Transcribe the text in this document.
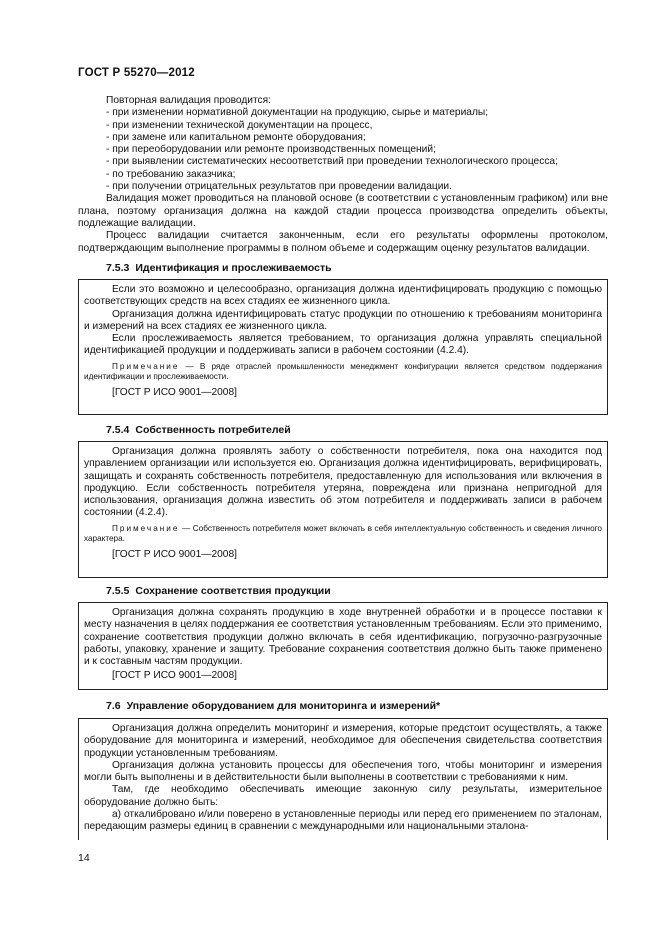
ГОСТ Р 55270—2012

Повторная валидация проводится:

- при изменении нормативной документации на продукцию, сырье и материалы;

- при изменении технической документации на процесс,

- при замене или капитальном ремонте оборудования;

- при переоборудовании или ремонте производственных помещений;

- при выявлении систематических несоответствий при проведении технологического процесса;

- по требованию заказчика;

- при получении отрицательных результатов при проведении валидации.

Валидация может проводиться на плановой основе (в соответствии с установленным графиком) или вне плана, поэтому организация должна на каждой стадии процесса производства определить объекты, подлежащие валидации.

Процесс валидации считается законченным, если его результаты оформлены протоколом, подтверждающим выполнение программы в полном объеме и содержащим оценку результатов валидации.

7.5.3 Идентификация и прослеживаемость

Если это возможно и целесообразно, организация должна идентифицировать продукцию с помощью соответствующих средств на всех стадиях ее жизненного цикла.

Организация должна идентифицировать статус продукции по отношению к требованиям мониторинга и измерений на всех стадиях ее жизненного цикла.

Если прослеживаемость является требованием, то организация должна управлять специальной идентификацией продукции и поддерживать записи в рабочем состоянии (4.2.4).

Примечание — В ряде отраслей промышленности менеджмент конфигурации является средством поддержания идентификации и прослеживаемости.

[ГОСТ Р ИСО 9001—2008]

7.5.4 Собственность потребителей

Организация должна проявлять заботу о собственности потребителя, пока она находится под управлением организации или используется ею. Организация должна идентифицировать, верифицировать, защищать и сохранять собственность потребителя, предоставленную для использования или включения в продукцию. Если собственность потребителя утеряна, повреждена или признана непригодной для использования, организация должна известить об этом потребителя и поддерживать записи в рабочем состоянии (4.2.4).

Примечание — Собственность потребителя может включать в себя интеллектуальную собственность и сведения личного характера.

[ГОСТ Р ИСО 9001—2008]

7.5.5 Сохранение соответствия продукции

Организация должна сохранять продукцию в ходе внутренней обработки и в процессе поставки к месту назначения в целях поддержания ее соответствия установленным требованиям. Если это применимо, сохранение соответствия продукции должно включать в себя идентификацию, погрузочно-разгрузочные работы, упаковку, хранение и защиту. Требование сохранения соответствия должно быть также применено и к составным частям продукции.

[ГОСТ Р ИСО 9001—2008]

7.6 Управление оборудованием для мониторинга и измерений*

Организация должна определить мониторинг и измерения, которые предстоит осуществлять, а также оборудование для мониторинга и измерений, необходимое для обеспечения свидетельства соответствия продукции установленным требованиям.

Организация должна установить процессы для обеспечения того, чтобы мониторинг и измерения могли быть выполнены и в действительности были выполнены в соответствии с требованиями к ним.

Там, где необходимо обеспечивать имеющие законную силу результаты, измерительное оборудование должно быть:

а) откалибровано и/или поверено в установленные периоды или перед его применением по эталонам, передающим размеры единиц в сравнении с международными или национальными эталона-

14
